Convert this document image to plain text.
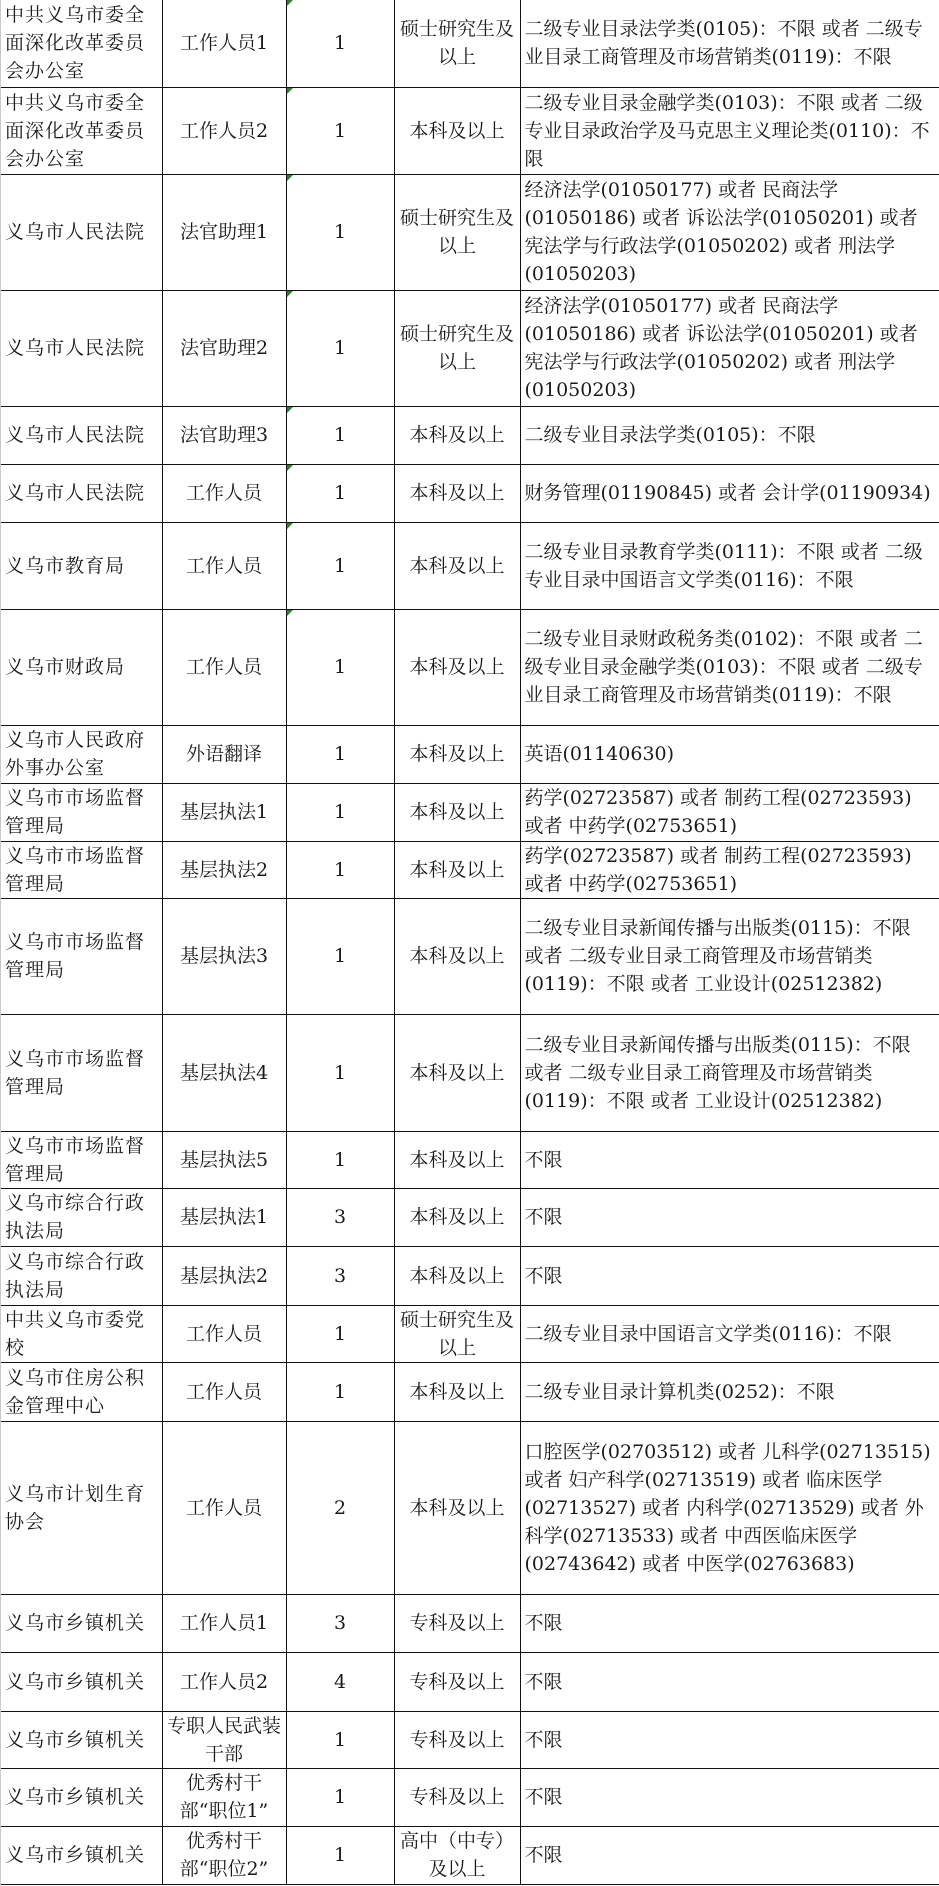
中共义乌市委全面深化改革委员会办公室	工作人员1	1	硕士研究生及以上	二级专业目录法学类(0105)：不限 或者 二级专业目录工商管理及市场营销类(0119)：不限
中共义乌市委全面深化改革委员会办公室	工作人员2	1	本科及以上	二级专业目录金融学类(0103)：不限 或者 二级专业目录政治学及马克思主义理论类(0110)：不限
义乌市人民法院	法官助理1	1	硕士研究生及以上	经济法学(01050177) 或者 民商法学(01050186) 或者 诉讼法学(01050201) 或者 宪法学与行政法学(01050202) 或者 刑法学(01050203)
义乌市人民法院	法官助理2	1	硕士研究生及以上	经济法学(01050177) 或者 民商法学(01050186) 或者 诉讼法学(01050201) 或者 宪法学与行政法学(01050202) 或者 刑法学(01050203)
义乌市人民法院	法官助理3	1	本科及以上	二级专业目录法学类(0105)：不限
义乌市人民法院	工作人员	1	本科及以上	财务管理(01190845) 或者 会计学(01190934)
义乌市教育局	工作人员	1	本科及以上	二级专业目录教育学类(0111)：不限 或者 二级专业目录中国语言文学类(0116)：不限
义乌市财政局	工作人员	1	本科及以上	二级专业目录财政税务类(0102)：不限 或者 二级专业目录金融学类(0103)：不限 或者 二级专业目录工商管理及市场营销类(0119)：不限
义乌市人民政府外事办公室	外语翻译	1	本科及以上	英语(01140630)
义乌市市场监督管理局	基层执法1	1	本科及以上	药学(02723587) 或者 制药工程(02723593) 或者 中药学(02753651)
义乌市市场监督管理局	基层执法2	1	本科及以上	药学(02723587) 或者 制药工程(02723593) 或者 中药学(02753651)
义乌市市场监督管理局	基层执法3	1	本科及以上	二级专业目录新闻传播与出版类(0115)：不限 或者 二级专业目录工商管理及市场营销类(0119)：不限 或者 工业设计(02512382)
义乌市市场监督管理局	基层执法4	1	本科及以上	二级专业目录新闻传播与出版类(0115)：不限 或者 二级专业目录工商管理及市场营销类(0119)：不限 或者 工业设计(02512382)
义乌市市场监督管理局	基层执法5	1	本科及以上	不限
义乌市综合行政执法局	基层执法1	3	本科及以上	不限
义乌市综合行政执法局	基层执法2	3	本科及以上	不限
中共义乌市委党校	工作人员	1	硕士研究生及以上	二级专业目录中国语言文学类(0116)：不限
义乌市住房公积金管理中心	工作人员	1	本科及以上	二级专业目录计算机类(0252)：不限
义乌市计划生育协会	工作人员	2	本科及以上	口腔医学(02703512) 或者 儿科学(02713515) 或者 妇产科学(02713519) 或者 临床医学(02713527) 或者 内科学(02713529) 或者 外科学(02713533) 或者 中西医临床医学(02743642) 或者 中医学(02763683)
义乌市乡镇机关	工作人员1	3	专科及以上	不限
义乌市乡镇机关	工作人员2	4	专科及以上	不限
义乌市乡镇机关	专职人民武装干部	1	专科及以上	不限
义乌市乡镇机关	优秀村干部“职位1”	1	专科及以上	不限
义乌市乡镇机关	优秀村干部“职位2”	1	高中（中专）及以上	不限
